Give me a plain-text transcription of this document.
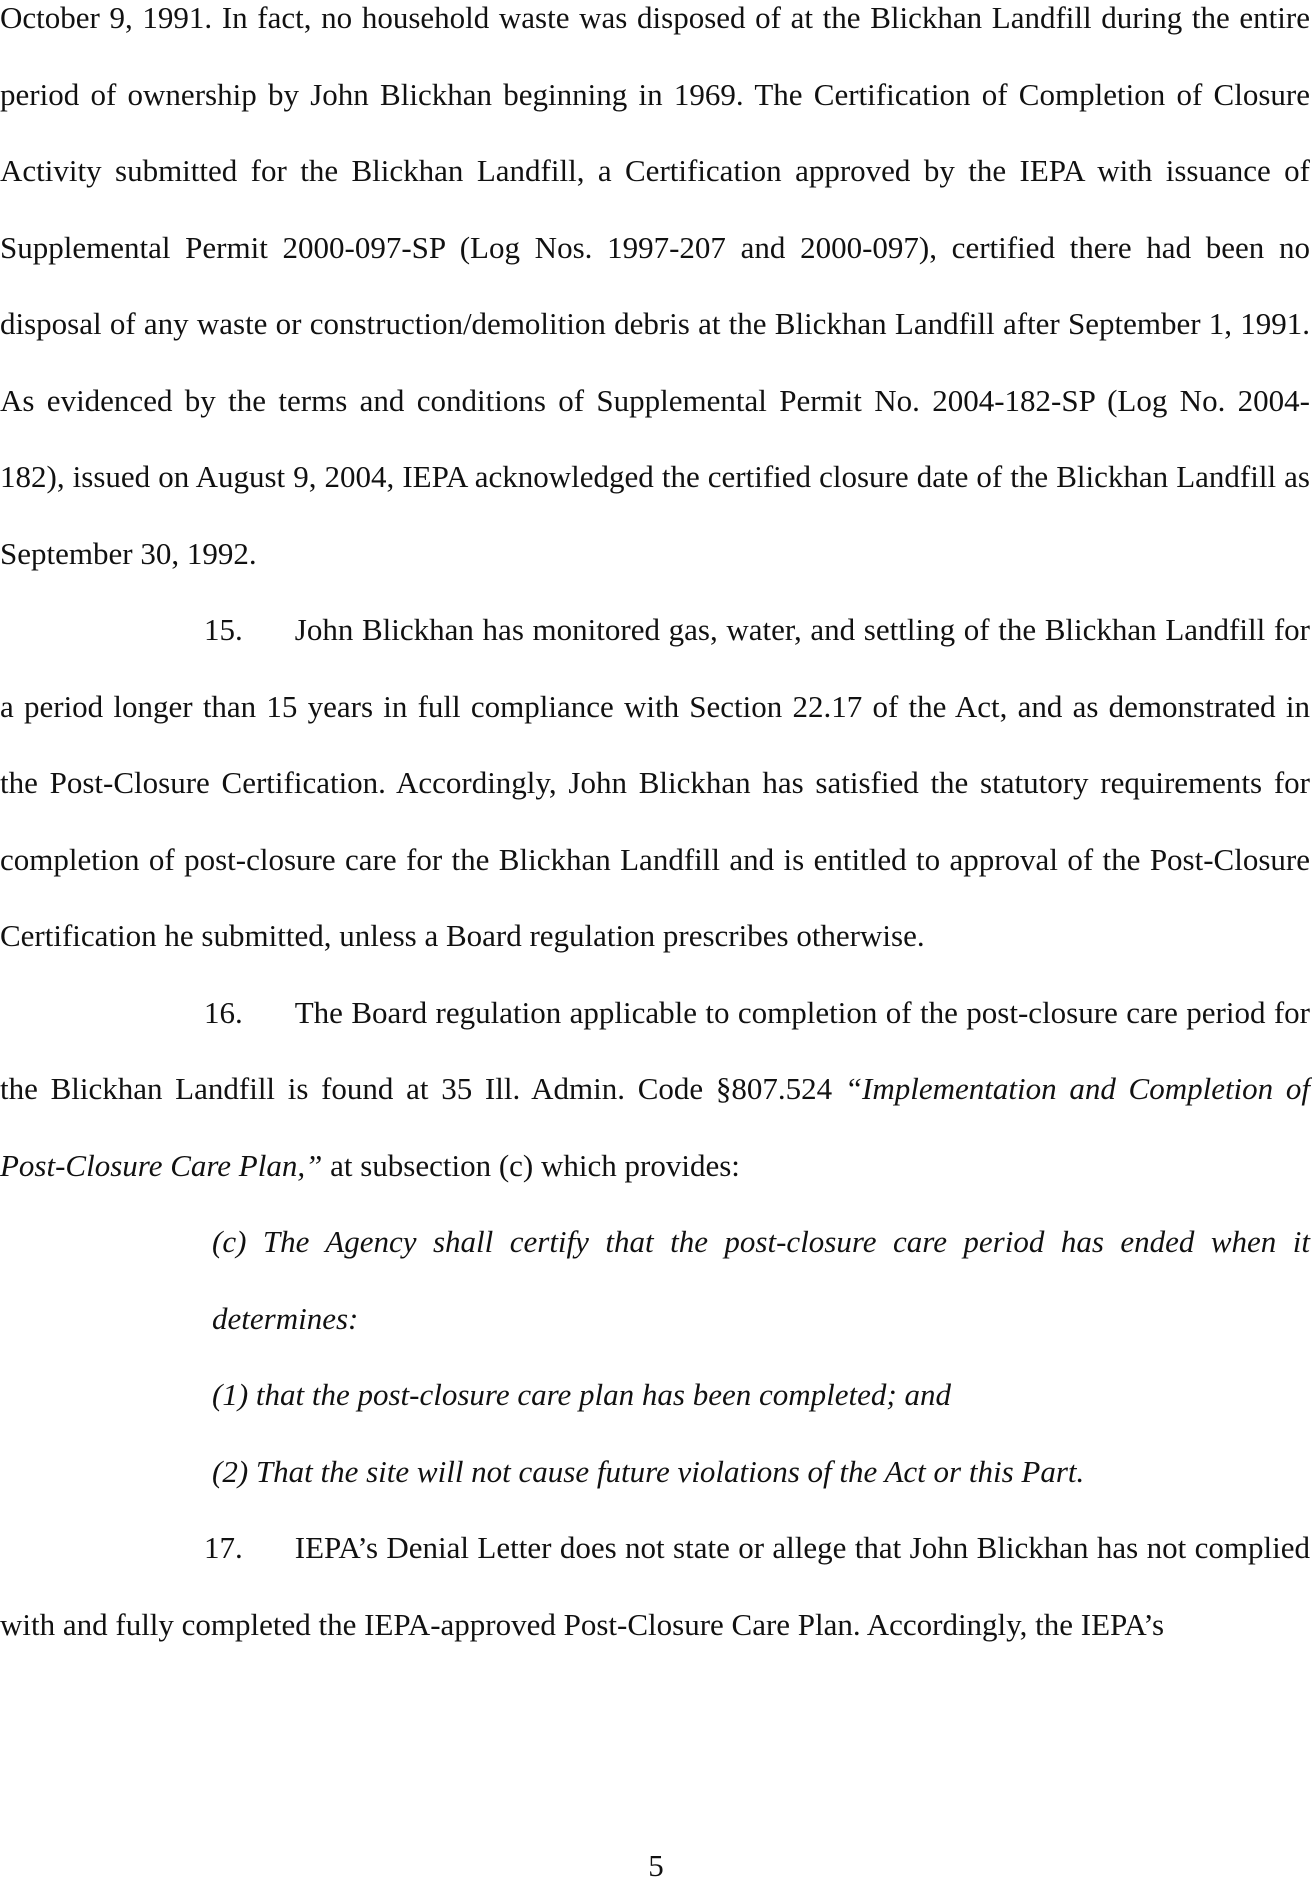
October 9, 1991. In fact, no household waste was disposed of at the Blickhan Landfill during the entire period of ownership by John Blickhan beginning in 1969. The Certification of Completion of Closure Activity submitted for the Blickhan Landfill, a Certification approved by the IEPA with issuance of Supplemental Permit 2000-097-SP (Log Nos. 1997-207 and 2000-097), certified there had been no disposal of any waste or construction/demolition debris at the Blickhan Landfill after September 1, 1991. As evidenced by the terms and conditions of Supplemental Permit No. 2004-182-SP (Log No. 2004-182), issued on August 9, 2004, IEPA acknowledged the certified closure date of the Blickhan Landfill as September 30, 1992.

15. John Blickhan has monitored gas, water, and settling of the Blickhan Landfill for a period longer than 15 years in full compliance with Section 22.17 of the Act, and as demonstrated in the Post-Closure Certification. Accordingly, John Blickhan has satisfied the statutory requirements for completion of post-closure care for the Blickhan Landfill and is entitled to approval of the Post-Closure Certification he submitted, unless a Board regulation prescribes otherwise.

16. The Board regulation applicable to completion of the post-closure care period for the Blickhan Landfill is found at 35 Ill. Admin. Code §807.524 “Implementation and Completion of Post-Closure Care Plan,” at subsection (c) which provides:

(c) The Agency shall certify that the post-closure care period has ended when it determines:

(1) that the post-closure care plan has been completed; and

(2) That the site will not cause future violations of the Act or this Part.

17. IEPA’s Denial Letter does not state or allege that John Blickhan has not complied with and fully completed the IEPA-approved Post-Closure Care Plan. Accordingly, the IEPA’s

5
